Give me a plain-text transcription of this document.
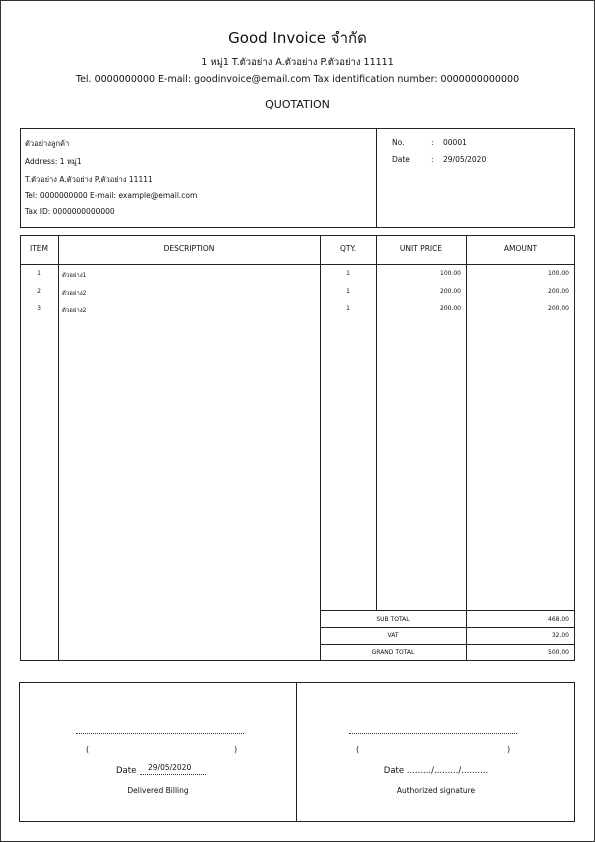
Good Invoice จำกัด
1 หมู่1 T.ตัวอย่าง A.ตัวอย่าง P.ตัวอย่าง 11111
Tel. 0000000000 E-mail: goodinvoice@email.com Tax identification number: 0000000000000
QUOTATION
ตัวอย่างลูกค้า
Address: 1 หมู่1
T.ตัวอย่าง A.ตัวอย่าง P.ตัวอย่าง 11111
Tel: 0000000000 E-mail: example@email.com
Tax ID: 0000000000000
No.	: 00001
Date	: 29/05/2020
ITEM	DESCRIPTION	QTY.	UNIT PRICE	AMOUNT
1	ตัวอย่าง1	1	100.00	100.00
2	ตัวอย่าง2	1	200.00	200.00
3	ตัวอย่าง2	1	200.00	200.00
SUB TOTAL	468.00
VAT	32.00
GRAND TOTAL	500.00
(	)
Date 29/05/2020
Delivered Billing
(	)
Date ........./........./..........
Authorized signature
